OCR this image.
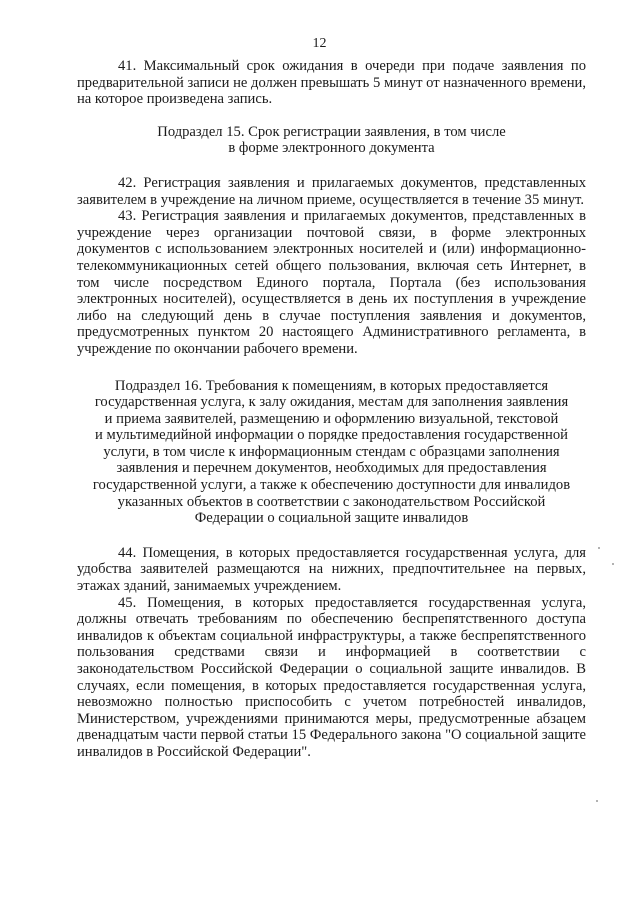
12

41. Максимальный срок ожидания в очереди при подаче заявления по предварительной записи не должен превышать 5 минут от назначенного времени, на которое произведена запись.

Подраздел 15. Срок регистрации заявления, в том числе
в форме электронного документа

42. Регистрация заявления и прилагаемых документов, представленных заявителем в учреждение на личном приеме, осуществляется в течение 35 минут.

43. Регистрация заявления и прилагаемых документов, представленных в учреждение через организации почтовой связи, в форме электронных документов с использованием электронных носителей и (или) информационно-телекоммуникационных сетей общего пользования, включая сеть Интернет, в том числе посредством Единого портала, Портала (без использования электронных носителей), осуществляется в день их поступления в учреждение либо на следующий день в случае поступления заявления и документов, предусмотренных пунктом 20 настоящего Административного регламента, в учреждение по окончании рабочего времени.

Подраздел 16. Требования к помещениям, в которых предоставляется
государственная услуга, к залу ожидания, местам для заполнения заявления
и приема заявителей, размещению и оформлению визуальной, текстовой
и мультимедийной информации о порядке предоставления государственной
услуги, в том числе к информационным стендам с образцами заполнения
заявления и перечнем документов, необходимых для предоставления
государственной услуги, а также к обеспечению доступности для инвалидов
указанных объектов в соответствии с законодательством Российской
Федерации о социальной защите инвалидов

44. Помещения, в которых предоставляется государственная услуга, для удобства заявителей размещаются на нижних, предпочтительнее на первых, этажах зданий, занимаемых учреждением.

45. Помещения, в которых предоставляется государственная услуга, должны отвечать требованиям по обеспечению беспрепятственного доступа инвалидов к объектам социальной инфраструктуры, а также беспрепятственного пользования средствами связи и информацией в соответствии с законодательством Российской Федерации о социальной защите инвалидов. В случаях, если помещения, в которых предоставляется государственная услуга, невозможно полностью приспособить с учетом потребностей инвалидов, Министерством, учреждениями принимаются меры, предусмотренные абзацем двенадцатым части первой статьи 15 Федерального закона "О социальной защите инвалидов в Российской Федерации".
